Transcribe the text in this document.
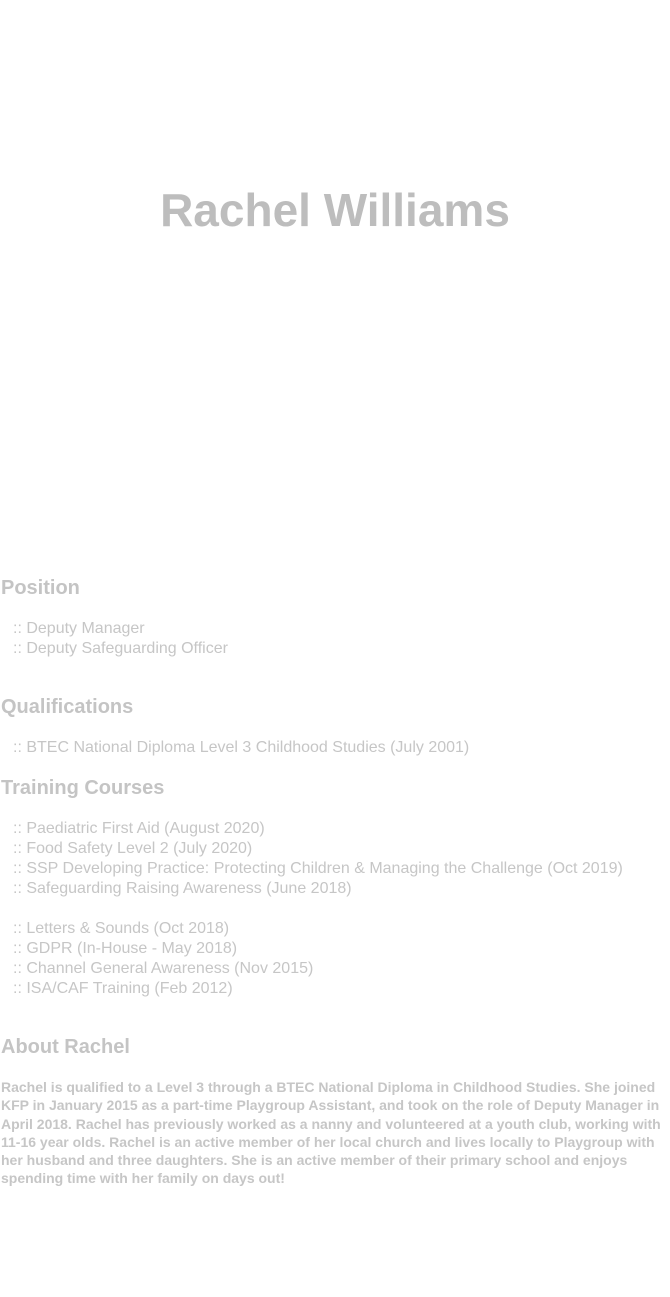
Rachel Williams
Position
:: Deputy Manager
:: Deputy Safeguarding Officer
Qualifications
:: BTEC National Diploma Level 3 Childhood Studies (July 2001)
Training Courses
:: Paediatric First Aid (August 2020)
:: Food Safety Level 2 (July 2020)
:: SSP Developing Practice: Protecting Children & Managing the Challenge (Oct 2019)
:: Safeguarding Raising Awareness (June 2018)
:: Letters & Sounds (Oct 2018)
:: GDPR (In-House - May 2018)
:: Channel General Awareness (Nov 2015)
:: ISA/CAF Training (Feb 2012)
About Rachel

Rachel is qualified to a Level 3 through a BTEC National Diploma in Childhood Studies. She joined KFP in January 2015 as a part-time Playgroup Assistant, and took on the role of Deputy Manager in April 2018. Rachel has previously worked as a nanny and volunteered at a youth club, working with 11-16 year olds. Rachel is an active member of her local church and lives locally to Playgroup with her husband and three daughters. She is an active member of their primary school and enjoys spending time with her family on days out!
